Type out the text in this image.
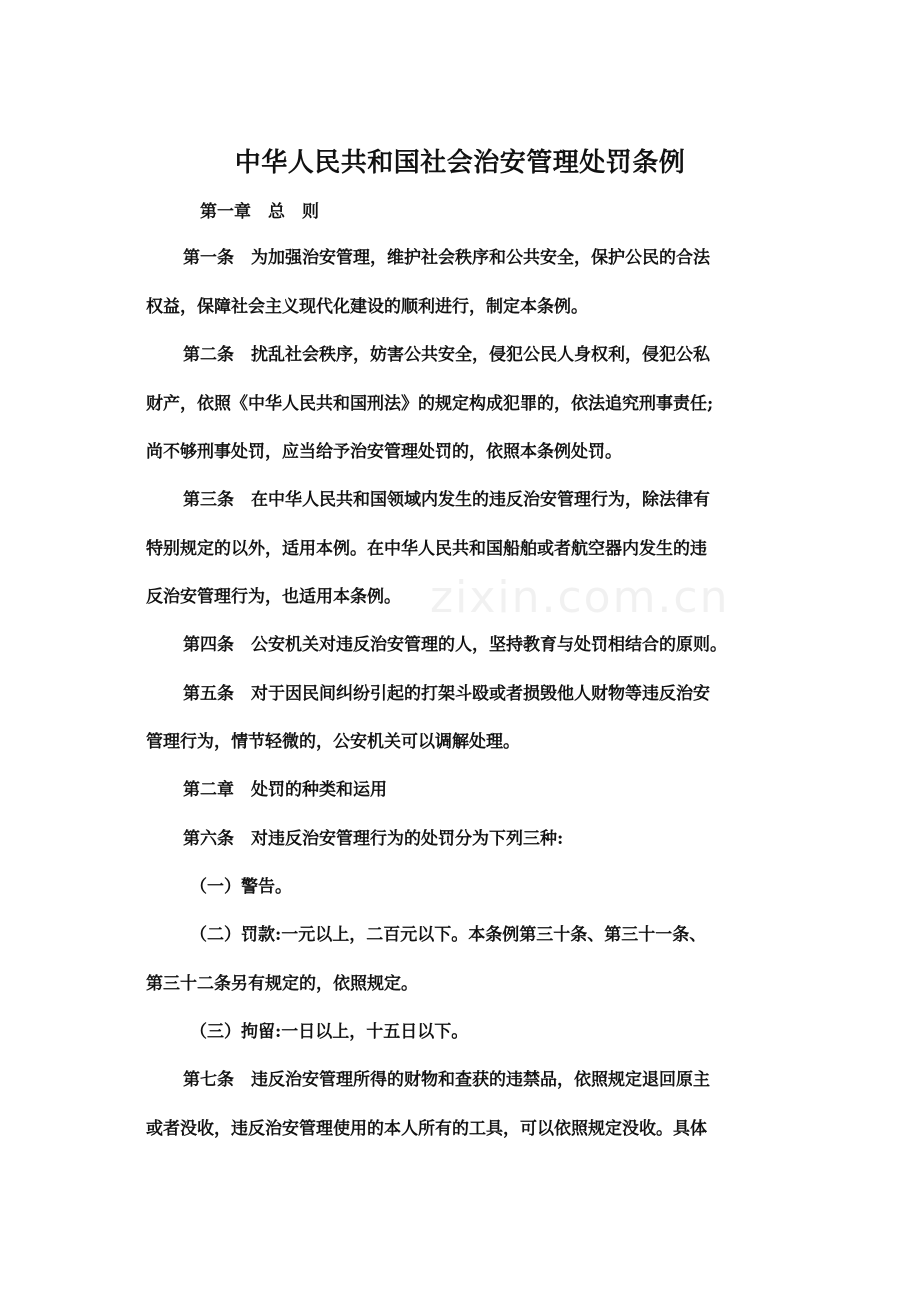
中华人民共和国社会治安管理处罚条例
zixin.com.cn

第一章　总　则

第一条　为加强治安管理，维护社会秩序和公共安全，保护公民的合法

权益，保障社会主义现代化建设的顺利进行，制定本条例。

第二条　扰乱社会秩序，妨害公共安全，侵犯公民人身权利，侵犯公私

财产，依照《中华人民共和国刑法》的规定构成犯罪的，依法追究刑事责任;

尚不够刑事处罚，应当给予治安管理处罚的，依照本条例处罚。

第三条　在中华人民共和国领域内发生的违反治安管理行为，除法律有

特别规定的以外，适用本例。在中华人民共和国船舶或者航空器内发生的违

反治安管理行为，也适用本条例。

第四条　公安机关对违反治安管理的人，坚持教育与处罚相结合的原则。

第五条　对于因民间纠纷引起的打架斗殴或者损毁他人财物等违反治安

管理行为，情节轻微的，公安机关可以调解处理。

第二章　处罚的种类和运用

第六条　对违反治安管理行为的处罚分为下列三种:

（一）警告。

（二）罚款:一元以上，二百元以下。本条例第三十条、第三十一条、

第三十二条另有规定的，依照规定。

（三）拘留:一日以上，十五日以下。

第七条　违反治安管理所得的财物和查获的违禁品，依照规定退回原主

或者没收，违反治安管理使用的本人所有的工具，可以依照规定没收。具体
